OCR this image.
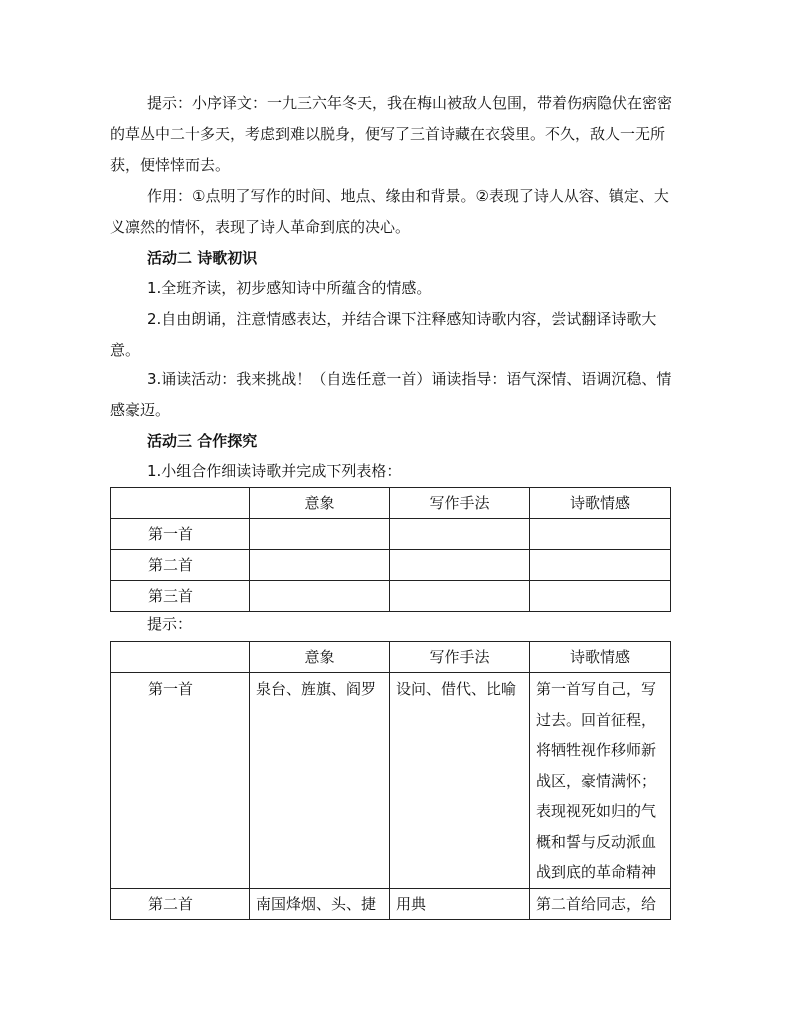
提示：小序译文：一九三六年冬天，我在梅山被敌人包围，带着伤病隐伏在密密的草丛中二十多天，考虑到难以脱身，便写了三首诗藏在衣袋里。不久，敌人一无所获，便悻悻而去。

作用：①点明了写作的时间、地点、缘由和背景。②表现了诗人从容、镇定、大义凛然的情怀，表现了诗人革命到底的决心。

活动二 诗歌初识

1.全班齐读，初步感知诗中所蕴含的情感。

2.自由朗诵，注意情感表达，并结合课下注释感知诗歌内容，尝试翻译诗歌大意。

3.诵读活动：我来挑战！（自选任意一首）诵读指导：语气深情、语调沉稳、情感豪迈。

活动三 合作探究

1.小组合作细读诗歌并完成下列表格：

	意象	写作手法	诗歌情感
第一首			
第二首			
第三首			

提示：

	意象	写作手法	诗歌情感
第一首	泉台、旌旗、阎罗	设问、借代、比喻	第一首写自己，写过去。回首征程，将牺牲视作移师新战区，豪情满怀；表现视死如归的气概和誓与反动派血战到底的革命精神
第二首	南国烽烟、头、捷	用典	第二首给同志，给
